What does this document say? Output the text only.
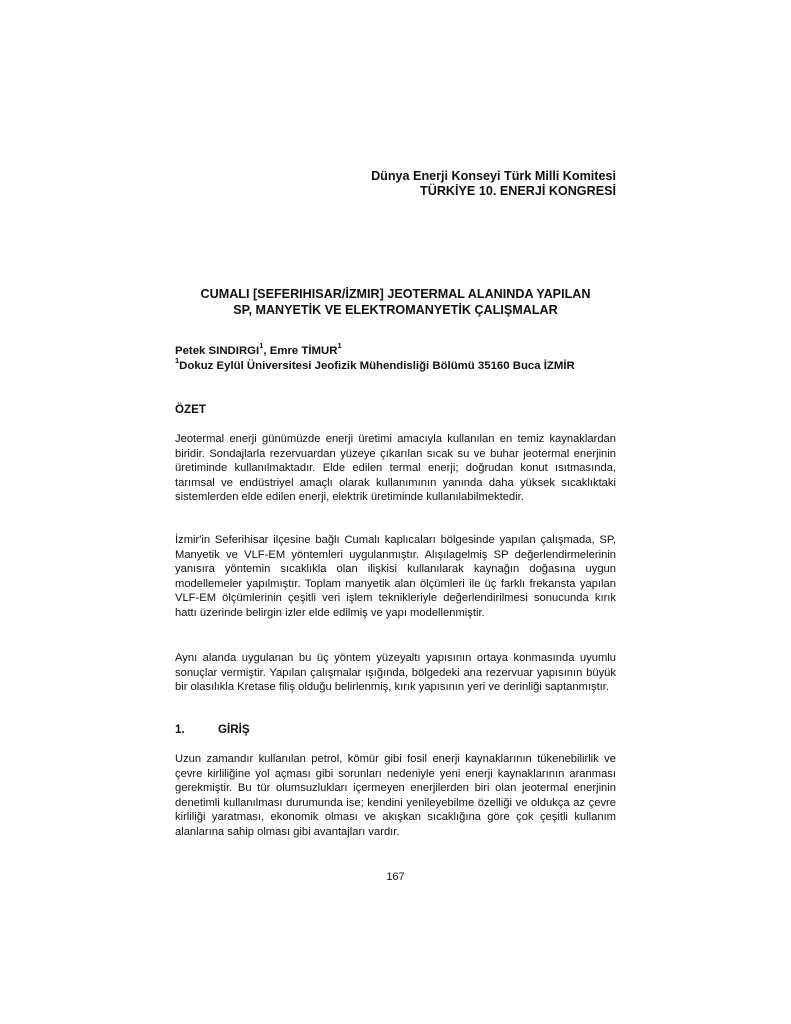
Dünya Enerji Konseyi Türk Milli Komitesi
TÜRKİYE 10. ENERJİ KONGRESİ
CUMALI [SEFERIHISAR/İZMIR] JEOTERMAL ALANINDA YAPILAN
SP, MANYETİK VE ELEKTROMANYETİK ÇALIŞMALAR
Petek SINDIRGI$^1$, Emre TİMUR$^1$
$^1$Dokuz Eylül Üniversitesi Jeofizik Mühendisliği Bölümü 35160 Buca İZMİR
ÖZET
Jeotermal enerji günümüzde enerji üretimi amacıyla kullanılan en temiz kaynaklardan biridir. Sondajlarla rezervuardan yüzeye çıkarılan sıcak su ve buhar jeotermal enerjinin üretiminde kullanılmaktadır. Elde edilen termal enerji; doğrudan konut ısıtmasında, tarımsal ve endüstriyel amaçlı olarak kullanımının yanında daha yüksek sıcaklıktaki sistemlerden elde edilen enerji, elektrik üretiminde kullanılabilmektedir.
İzmir'in Seferihisar ilçesine bağlı Cumalı kaplıcaları bölgesinde yapılan çalışmada, SP, Manyetik ve VLF-EM yöntemleri uygulanmıştır. Alışılagelmiş SP değerlendirmelerinin yanısıra yöntemin sıcaklıkla olan ilişkisi kullanılarak kaynağın doğasına uygun modellemeler yapılmıştır. Toplam manyetik alan ölçümleri ile üç farklı frekansta yapılan VLF-EM ölçümlerinin çeşitli veri işlem teknikleriyle değerlendirilmesi sonucunda kırık hattı üzerinde belirgin izler elde edilmiş ve yapı modellenmiştir.
Aynı alanda uygulanan bu üç yöntem yüzeyaltı yapısının ortaya konmasında uyumlu sonuçlar vermiştir. Yapılan çalışmalar ışığında, bölgedeki ana rezervuar yapısının büyük bir olasılıkla Kretase filiş olduğu belirlenmiş, kırık yapısının yeri ve derinliği saptanmıştır.
1.	GİRİŞ
Uzun zamandır kullanılan petrol, kömür gibi fosil enerji kaynaklarının tükenebilirlik ve çevre kirliliğine yol açması gibi sorunları nedeniyle yeni enerji kaynaklarının aranması gerekmiştir. Bu tür olumsuzlukları içermeyen enerjilerden biri olan jeotermal enerjinin denetimli kullanılması durumunda ise; kendini yenileyebilme özelliği ve oldukça az çevre kirliliği yaratması, ekonomik olması ve akışkan sıcaklığına göre çok çeşitli kullanım alanlarına sahip olması gibi avantajları vardır.
167
